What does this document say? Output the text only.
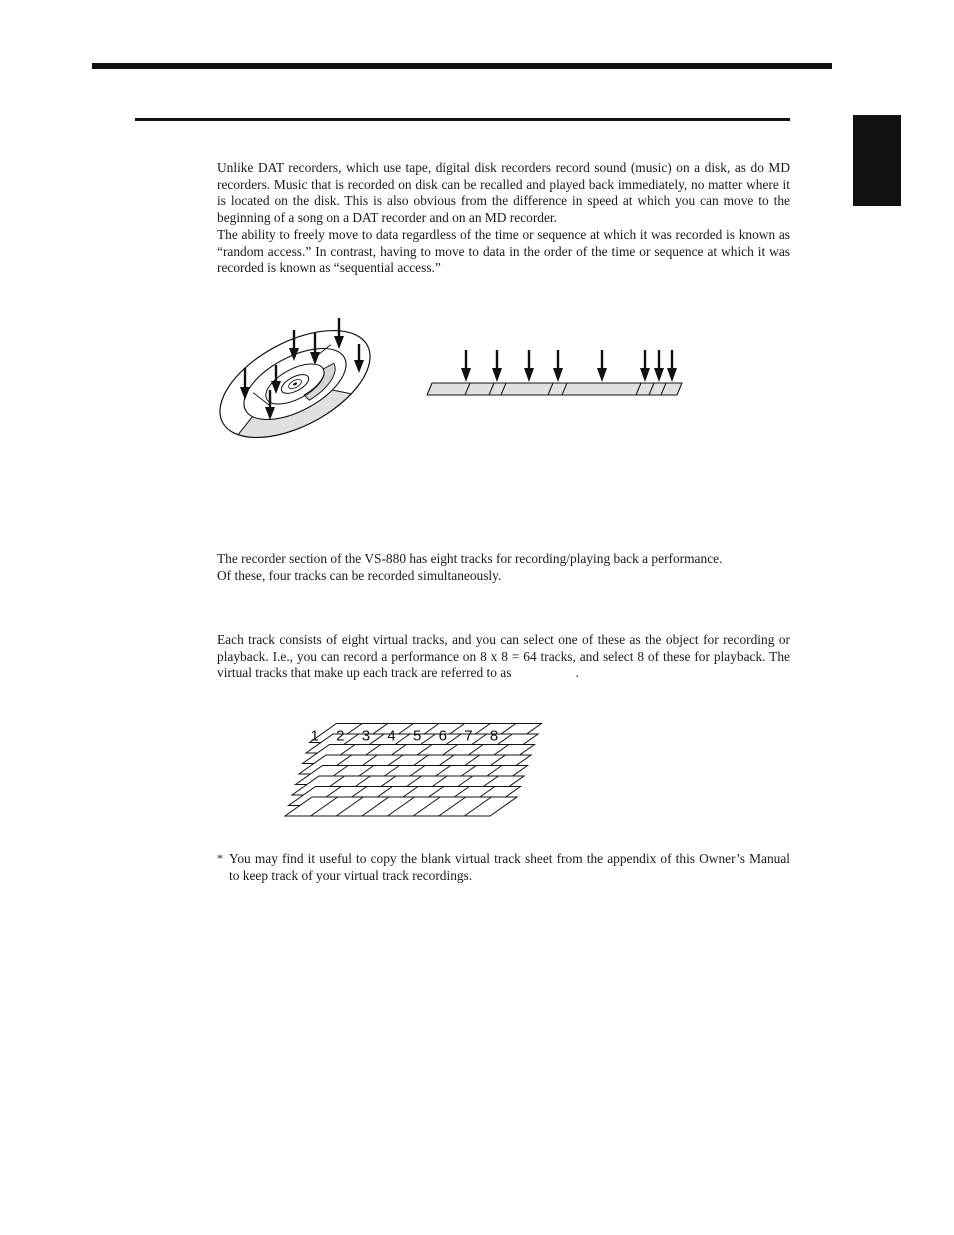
Unlike DAT recorders, which use tape, digital disk recorders record sound (music) on a disk, as do MD recorders. Music that is recorded on disk can be recalled and played back immediately, no matter where it is located on the disk. This is also obvious from the difference in speed at which you can move to the beginning of a song on a DAT recorder and on an MD recorder.

The ability to freely move to data regardless of the time or sequence at which it was recorded is known as “random access.” In contrast, having to move to data in the order of the time or sequence at which it was recorded is known as “sequential access.”

The recorder section of the VS-880 has eight tracks for recording/playing back a performance.

Of these, four tracks can be recorded simultaneously.

Each track consists of eight virtual tracks, and you can select one of these as the object for recording or playback. I.e., you can record a performance on 8 x 8 = 64 tracks, and select 8 of these for playback. The virtual tracks that make up each track are referred to as	.

1 2 3 4 5 6 7 8

* You may find it useful to copy the blank virtual track sheet from the appendix of this Owner’s Manual to keep track of your virtual track recordings.
